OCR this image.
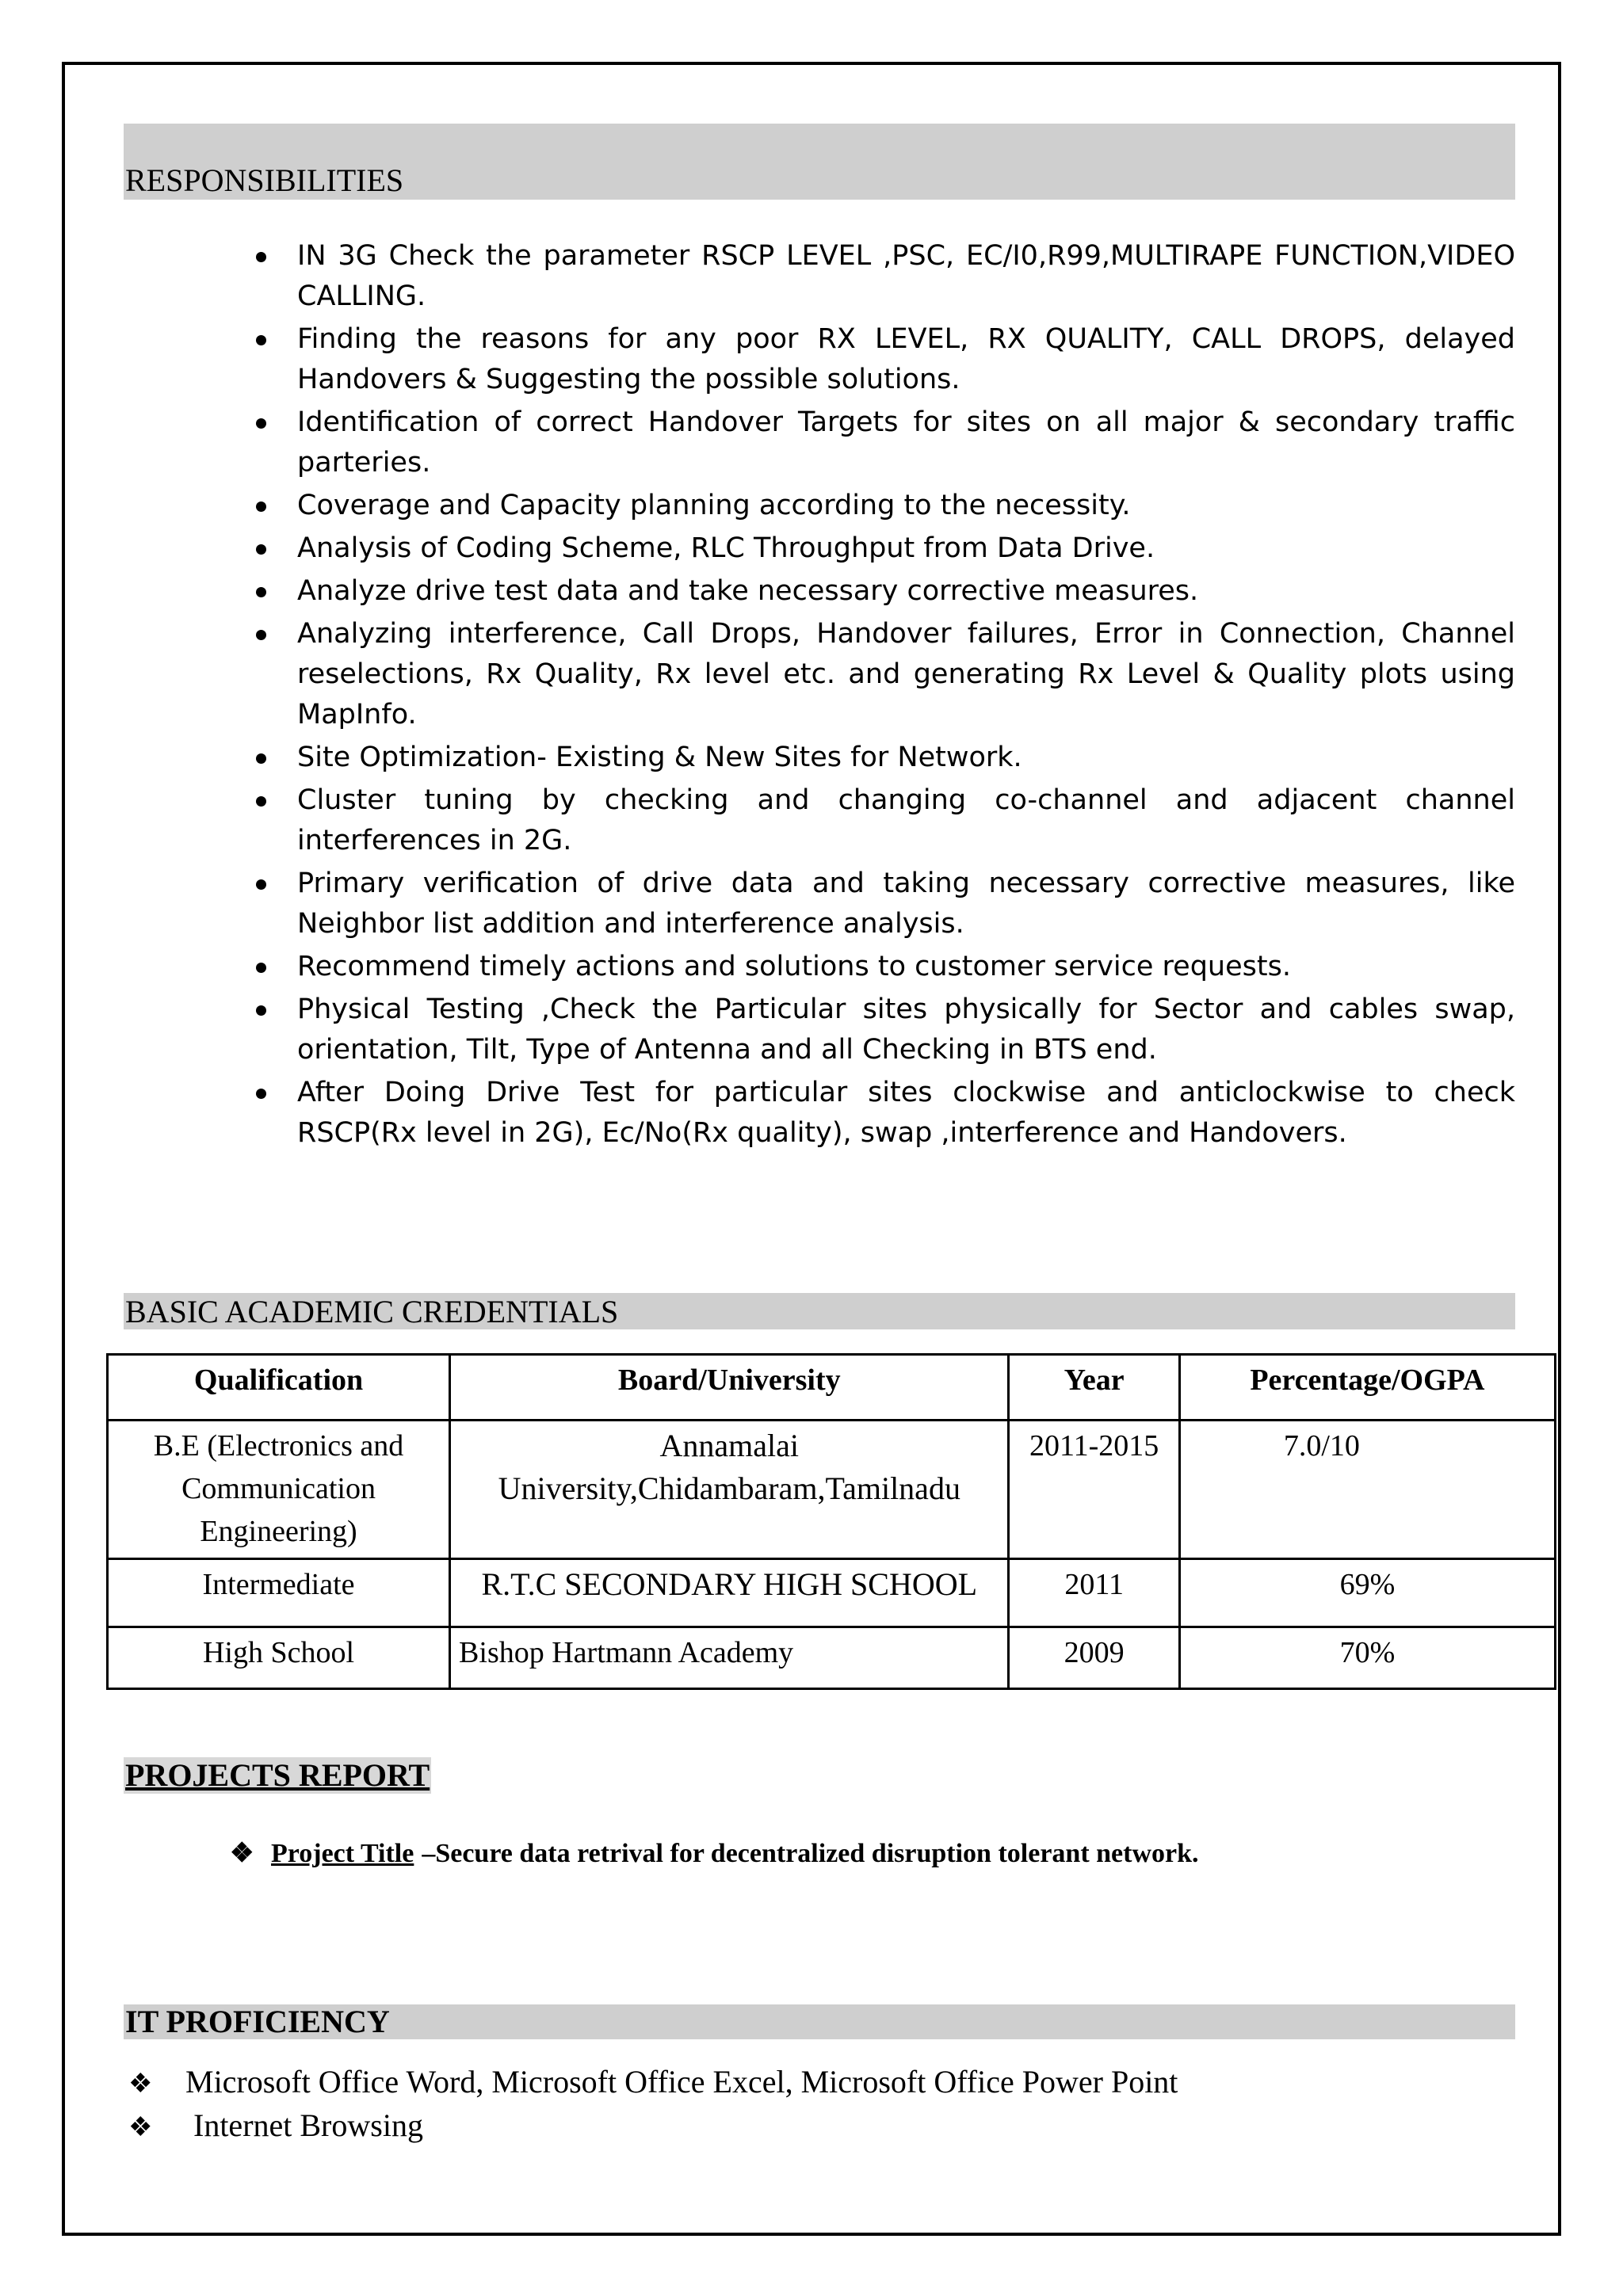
RESPONSIBILITIES
IN 3G Check the parameter RSCP LEVEL ,PSC, EC/I0,R99,MULTIRAPE FUNCTION,VIDEO CALLING.
Finding the reasons for any poor RX LEVEL, RX QUALITY, CALL DROPS, delayed Handovers & Suggesting the possible solutions.
Identification of correct Handover Targets for sites on all major & secondary traffic parteries.
Coverage and Capacity planning according to the necessity.
Analysis of Coding Scheme, RLC Throughput from Data Drive.
Analyze drive test data and take necessary corrective measures.
Analyzing interference, Call Drops, Handover failures, Error in Connection, Channel reselections, Rx Quality, Rx level etc. and generating Rx Level & Quality plots using MapInfo.
Site Optimization- Existing & New Sites for Network.
Cluster tuning by checking and changing co-channel and adjacent channel interferences in 2G.
Primary verification of drive data and taking necessary corrective measures, like Neighbor list addition and interference analysis.
Recommend timely actions and solutions to customer service requests.
Physical Testing ,Check the Particular sites physically for Sector and cables swap, orientation, Tilt, Type of Antenna and all Checking in BTS end.
After Doing Drive Test for particular sites clockwise and anticlockwise to check RSCP(Rx level in 2G), Ec/No(Rx quality), swap ,interference and Handovers.
BASIC ACADEMIC CREDENTIALS
Qualification	Board/University	Year	Percentage/OGPA
B.E (Electronics and Communication Engineering)	Annamalai University,Chidambaram,Tamilnadu	2011-2015	7.0/10
Intermediate	R.T.C SECONDARY HIGH SCHOOL	2011	69%
High School	Bishop Hartmann Academy	2009	70%
PROJECTS REPORT
❖ Project Title –Secure data retrival for decentralized disruption tolerant network.
IT PROFICIENCY
❖ Microsoft Office Word, Microsoft Office Excel, Microsoft Office Power Point
❖ Internet Browsing
